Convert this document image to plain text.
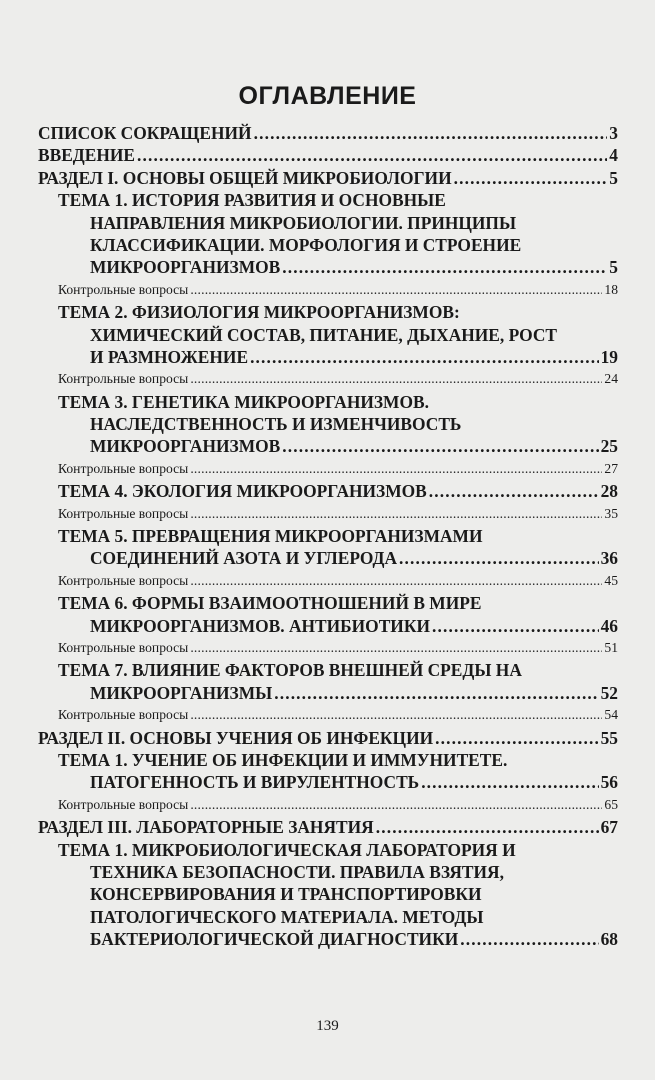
ОГЛАВЛЕНИЕ
СПИСОК СОКРАЩЕНИЙ . . .	3
ВВЕДЕНИЕ . . .	4
РАЗДЕЛ I. ОСНОВЫ ОБЩЕЙ МИКРОБИОЛОГИИ . . .	5
ТЕМА 1. ИСТОРИЯ РАЗВИТИЯ И ОСНОВНЫЕ
НАПРАВЛЕНИЯ МИКРОБИОЛОГИИ. ПРИНЦИПЫ
КЛАССИФИКАЦИИ. МОРФОЛОГИЯ И СТРОЕНИЕ
МИКРООРГАНИЗМОВ . . .	5
Контрольные вопросы . . .	18
ТЕМА 2. ФИЗИОЛОГИЯ МИКРООРГАНИЗМОВ:
ХИМИЧЕСКИЙ СОСТАВ, ПИТАНИЕ, ДЫХАНИЕ, РОСТ
И РАЗМНОЖЕНИЕ . . .	19
Контрольные вопросы . . .	24
ТЕМА 3. ГЕНЕТИКА МИКРООРГАНИЗМОВ.
НАСЛЕДСТВЕННОСТЬ И ИЗМЕНЧИВОСТЬ
МИКРООРГАНИЗМОВ . . .	25
Контрольные вопросы . . .	27
ТЕМА 4. ЭКОЛОГИЯ МИКРООРГАНИЗМОВ . . .	28
Контрольные вопросы . . .	35
ТЕМА 5. ПРЕВРАЩЕНИЯ МИКРООРГАНИЗМАМИ
СОЕДИНЕНИЙ АЗОТА И УГЛЕРОДА . . .	36
Контрольные вопросы . . .	45
ТЕМА 6. ФОРМЫ ВЗАИМООТНОШЕНИЙ В МИРЕ
МИКРООРГАНИЗМОВ. АНТИБИОТИКИ . . .	46
Контрольные вопросы . . .	51
ТЕМА 7. ВЛИЯНИЕ ФАКТОРОВ ВНЕШНЕЙ СРЕДЫ НА
МИКРООРГАНИЗМЫ . . .	52
Контрольные вопросы . . .	54
РАЗДЕЛ II. ОСНОВЫ УЧЕНИЯ ОБ ИНФЕКЦИИ . . .	55
ТЕМА 1. УЧЕНИЕ ОБ ИНФЕКЦИИ И ИММУНИТЕТЕ.
ПАТОГЕННОСТЬ И ВИРУЛЕНТНОСТЬ . . .	56
Контрольные вопросы . . .	65
РАЗДЕЛ III. ЛАБОРАТОРНЫЕ ЗАНЯТИЯ . . .	67
ТЕМА 1. МИКРОБИОЛОГИЧЕСКАЯ ЛАБОРАТОРИЯ И
ТЕХНИКА БЕЗОПАСНОСТИ. ПРАВИЛА ВЗЯТИЯ,
КОНСЕРВИРОВАНИЯ И ТРАНСПОРТИРОВКИ
ПАТОЛОГИЧЕСКОГО МАТЕРИАЛА. МЕТОДЫ
БАКТЕРИОЛОГИЧЕСКОЙ ДИАГНОСТИКИ . . .	68
139
